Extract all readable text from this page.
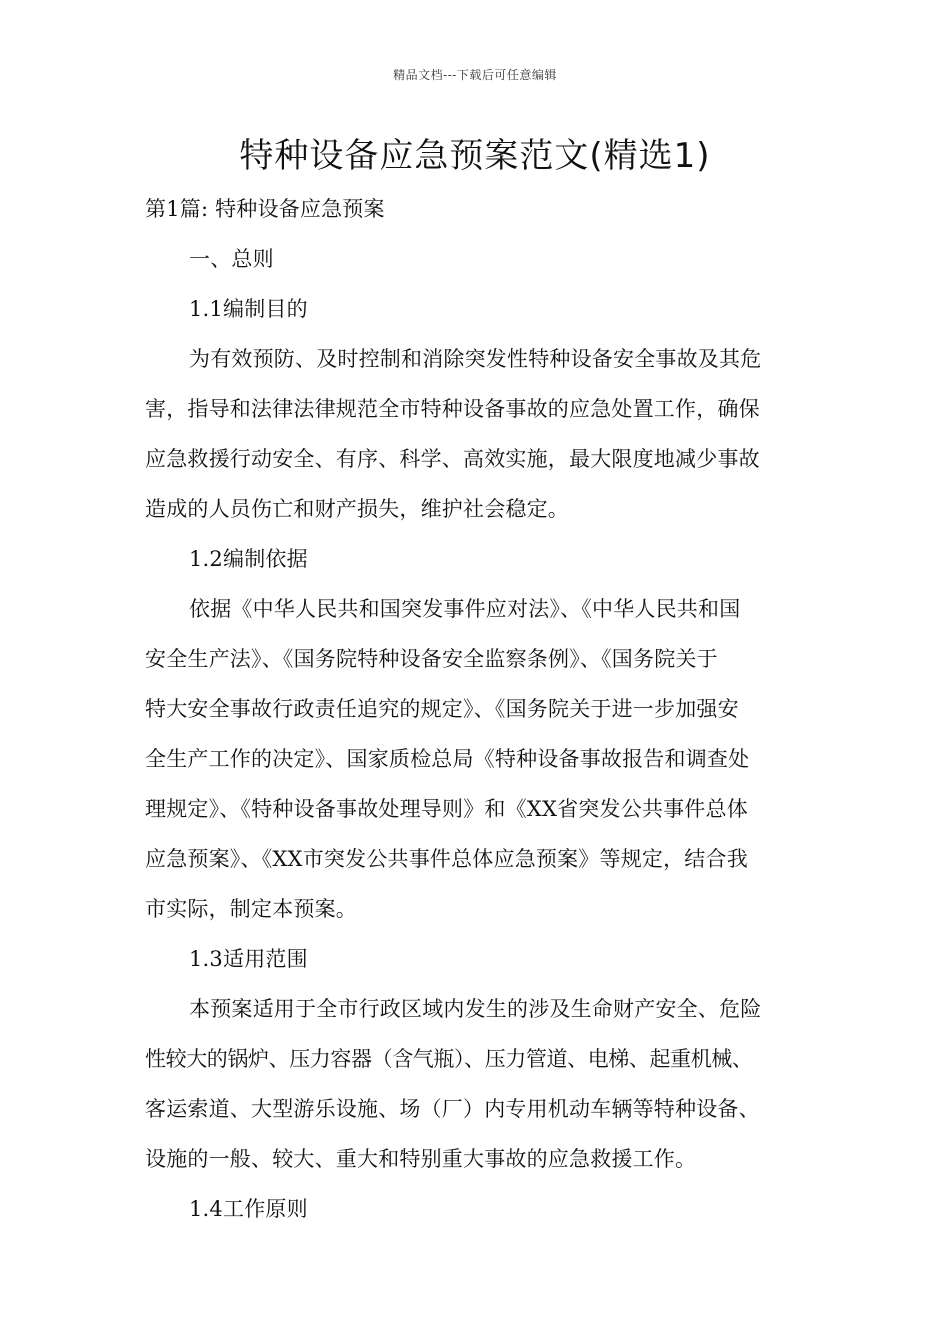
精品文档---下载后可任意编辑
特种设备应急预案范文(精选1)
第1篇: 特种设备应急预案
一、总则
1.1编制目的
为有效预防、及时控制和消除突发性特种设备安全事故及其危
害，指导和法律法律规范全市特种设备事故的应急处置工作，确保
应急救援行动安全、有序、科学、高效实施，最大限度地减少事故
造成的人员伤亡和财产损失，维护社会稳定。
1.2编制依据
依据《中华人民共和国突发事件应对法》、《中华人民共和国
安全生产法》、《国务院特种设备安全监察条例》、《国务院关于
特大安全事故行政责任追究的规定》、《国务院关于进一步加强安
全生产工作的决定》、国家质检总局《特种设备事故报告和调查处
理规定》、《特种设备事故处理导则》和《XX省突发公共事件总体
应急预案》、《XX市突发公共事件总体应急预案》等规定，结合我
市实际，制定本预案。
1.3适用范围
本预案适用于全市行政区域内发生的涉及生命财产安全、危险
性较大的锅炉、压力容器（含气瓶）、压力管道、电梯、起重机械、
客运索道、大型游乐设施、场（厂）内专用机动车辆等特种设备、
设施的一般、较大、重大和特别重大事故的应急救援工作。
1.4工作原则
